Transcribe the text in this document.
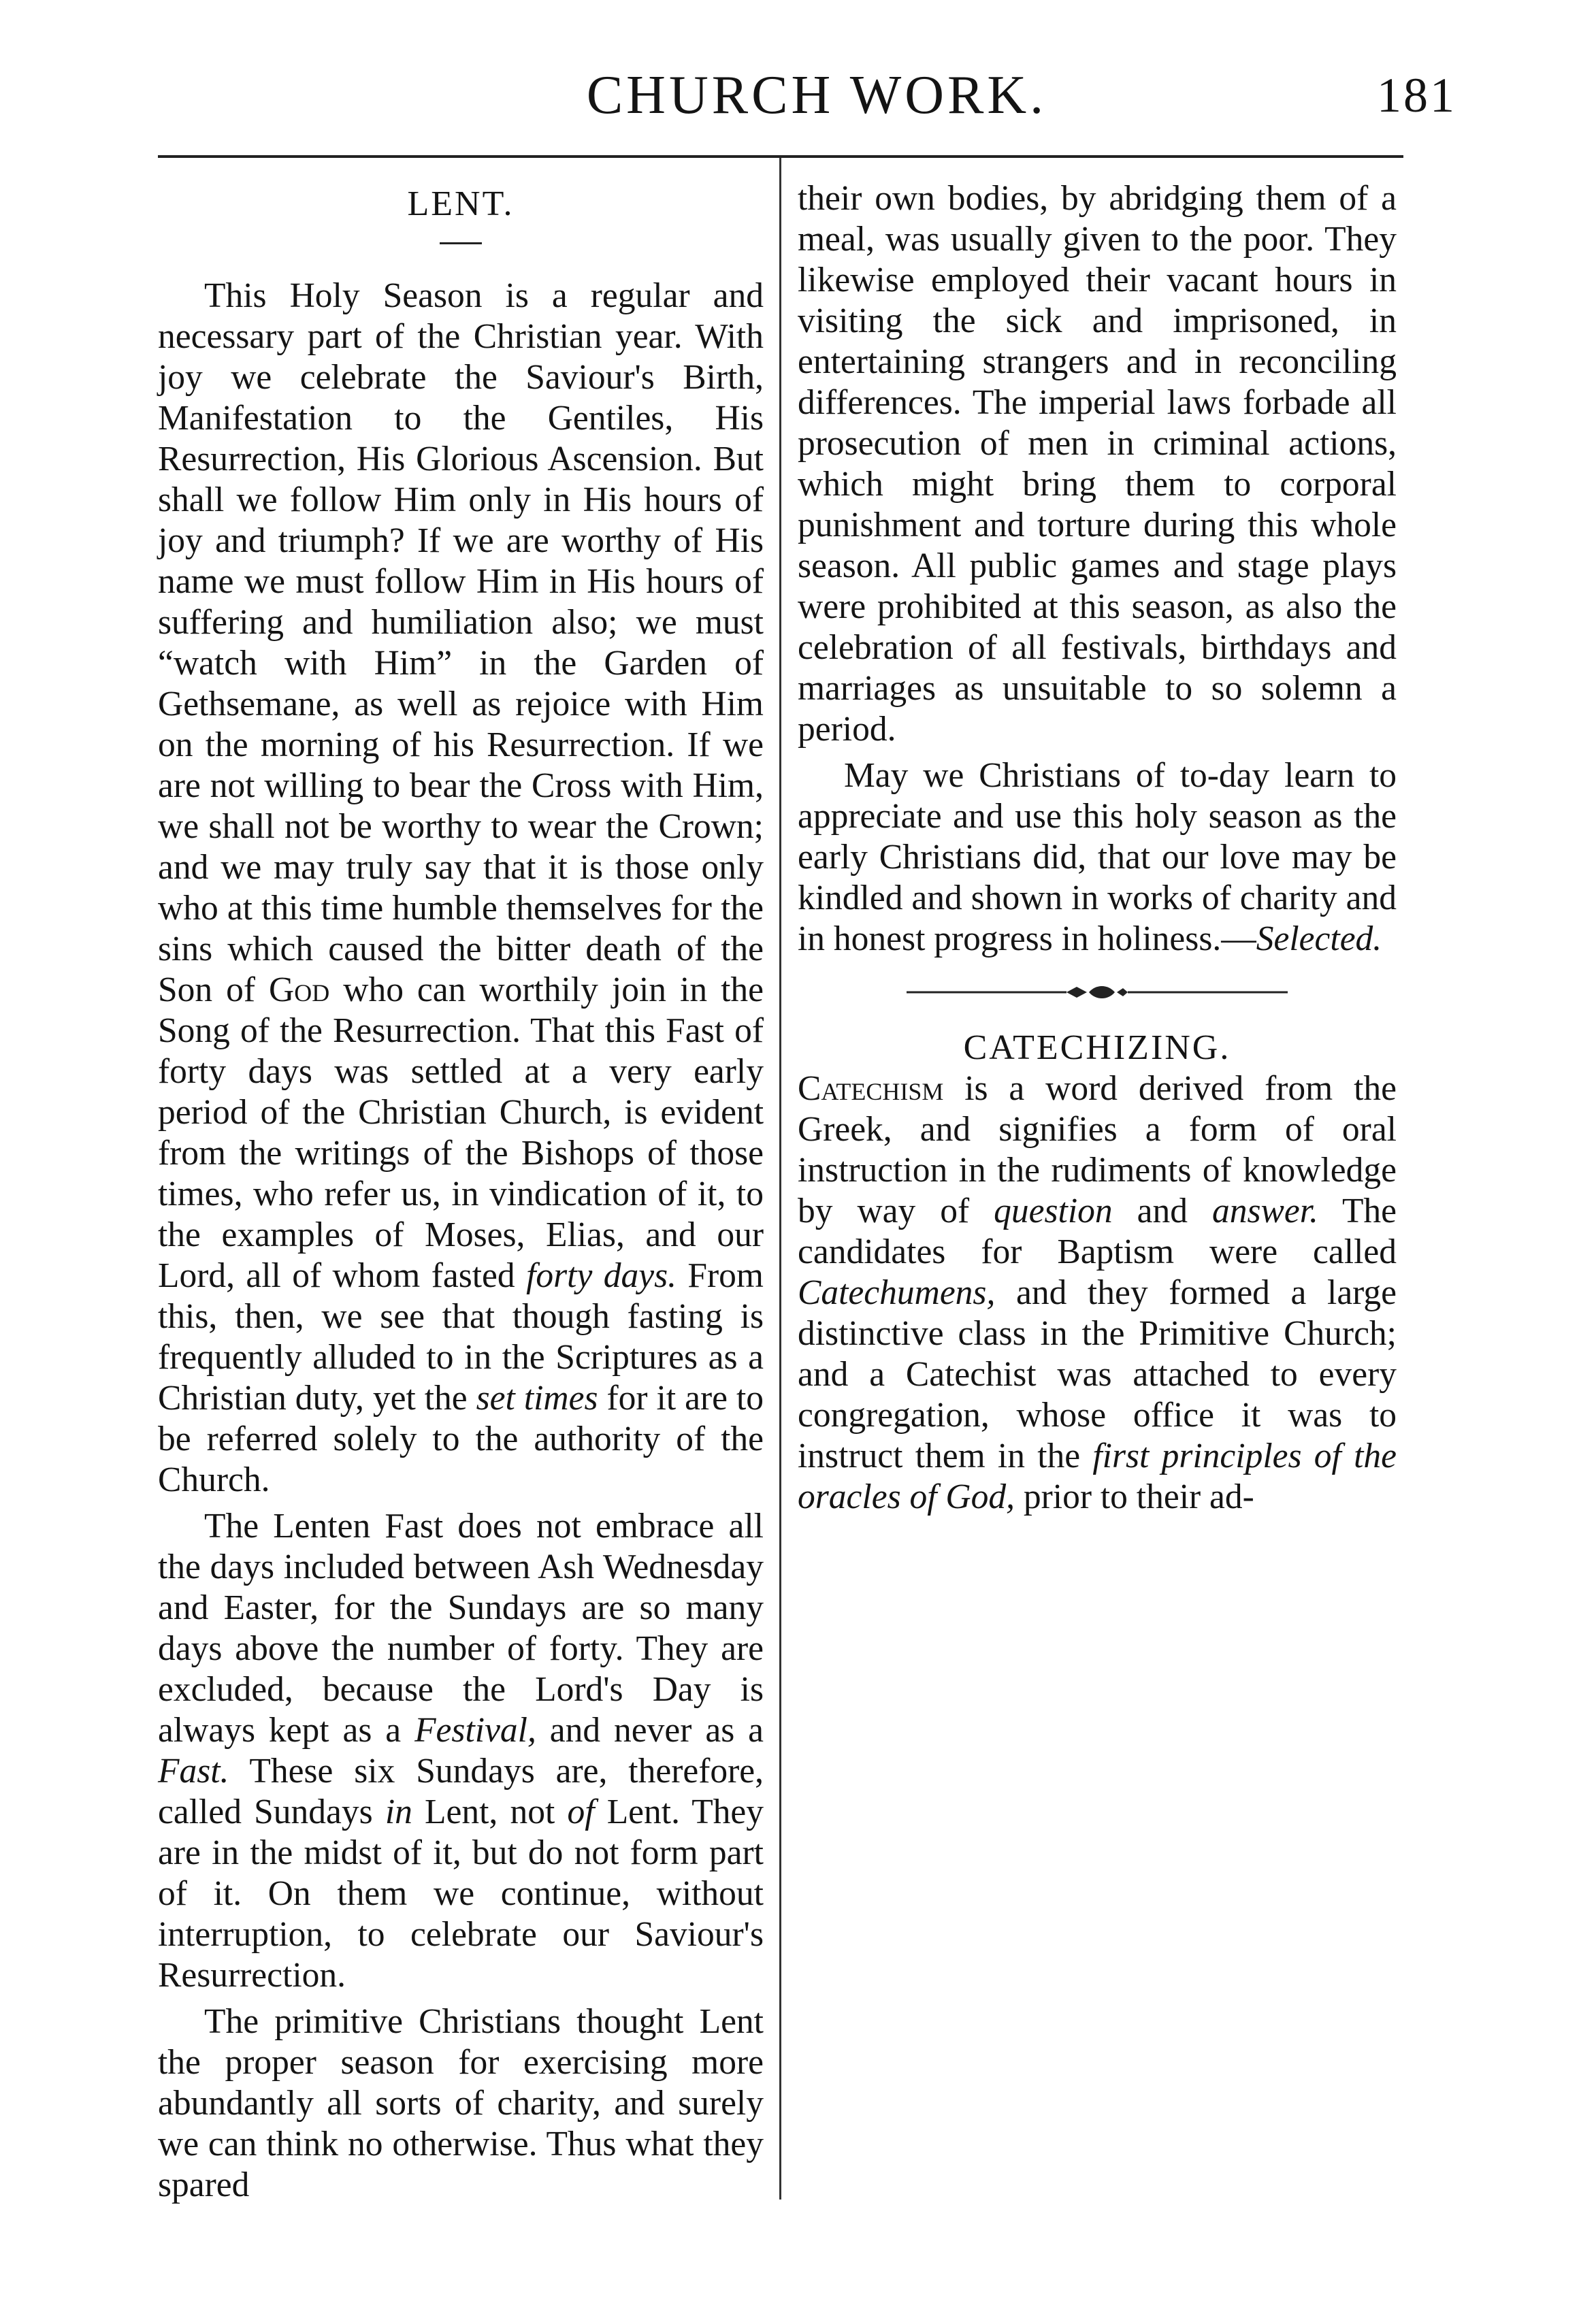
CHURCH WORK.	181
LENT.

This Holy Season is a regular and necessary part of the Christian year. With joy we celebrate the Saviour's Birth, Manifestation to the Gentiles, His Resurrection, His Glorious Ascension. But shall we follow Him only in His hours of joy and triumph? If we are worthy of His name we must follow Him in His hours of suffering and humiliation also; we must “watch with Him” in the Garden of Gethsemane, as well as rejoice with Him on the morning of his Resurrection. If we are not willing to bear the Cross with Him, we shall not be worthy to wear the Crown; and we may truly say that it is those only who at this time humble themselves for the sins which caused the bitter death of the Son of God who can worthily join in the Song of the Resurrection. That this Fast of forty days was settled at a very early period of the Christian Church, is evident from the writings of the Bishops of those times, who refer us, in vindication of it, to the examples of Moses, Elias, and our Lord, all of whom fasted forty days. From this, then, we see that though fasting is frequently alluded to in the Scriptures as a Christian duty, yet the set times for it are to be referred solely to the authority of the Church.

The Lenten Fast does not embrace all the days included between Ash Wednesday and Easter, for the Sundays are so many days above the number of forty. They are excluded, because the Lord's Day is always kept as a Festival, and never as a Fast. These six Sundays are, therefore, called Sundays in Lent, not of Lent. They are in the midst of it, but do not form part of it. On them we continue, without interruption, to celebrate our Saviour's Resurrection.

The primitive Christians thought Lent the proper season for exercising more abundantly all sorts of charity, and surely we can think no otherwise. Thus what they spared

their own bodies, by abridging them of a meal, was usually given to the poor. They likewise employed their vacant hours in visiting the sick and imprisoned, in entertaining strangers and in reconciling differences. The imperial laws forbade all prosecution of men in criminal actions, which might bring them to corporal punishment and torture during this whole season. All public games and stage plays were prohibited at this season, as also the celebration of all festivals, birthdays and marriages as unsuitable to so solemn a period.

May we Christians of to-day learn to appreciate and use this holy season as the early Christians did, that our love may be kindled and shown in works of charity and in honest progress in holiness.—Selected.

CATECHIZING.

Catechism is a word derived from the Greek, and signifies a form of oral instruction in the rudiments of knowledge by way of question and answer. The candidates for Baptism were called Catechumens, and they formed a large distinctive class in the Primitive Church; and a Catechist was attached to every congregation, whose office it was to instruct them in the first principles of the oracles of God, prior to their ad-
